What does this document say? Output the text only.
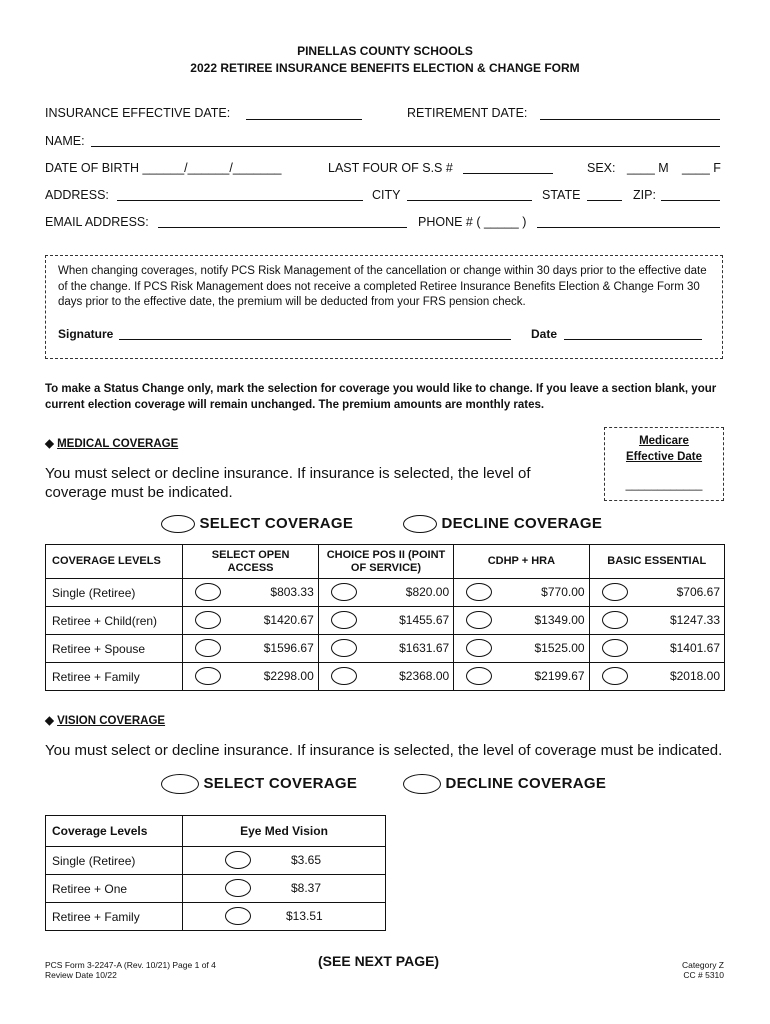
PINELLAS COUNTY SCHOOLS
2022 RETIREE INSURANCE BENEFITS ELECTION & CHANGE FORM
INSURANCE EFFECTIVE DATE:	RETIREMENT DATE:
NAME:
DATE OF BIRTH ______/______/_______	LAST FOUR OF S.S #	SEX: ____ M ____ F
ADDRESS:	CITY	STATE	ZIP:
EMAIL ADDRESS:	PHONE # ( _____ )
When changing coverages, notify PCS Risk Management of the cancellation or change within 30 days prior to the effective date of the change. If PCS Risk Management does not receive a completed Retiree Insurance Benefits Election & Change Form 30 days prior to the effective date, the premium will be deducted from your FRS pension check.
Signature	Date
To make a Status Change only, mark the selection for coverage you would like to change. If you leave a section blank, your current election coverage will remain unchanged. The premium amounts are monthly rates.
◆ MEDICAL COVERAGE
You must select or decline insurance. If insurance is selected, the level of coverage must be indicated.
Medicare
Effective Date
____________
SELECT COVERAGE	DECLINE COVERAGE
COVERAGE LEVELS	SELECT OPEN ACCESS	CHOICE POS II (POINT OF SERVICE)	CDHP + HRA	BASIC ESSENTIAL
Single (Retiree)	$803.33	$820.00	$770.00	$706.67

Retiree + Child(ren)	$1420.67	$1455.67	$1349.00	$1247.33

Retiree + Spouse	$1596.67	$1631.67	$1525.00	$1401.67

Retiree + Family	$2298.00	$2368.00	$2199.67	$2018.00
◆ VISION COVERAGE
You must select or decline insurance. If insurance is selected, the level of coverage must be indicated.
SELECT COVERAGE	DECLINE COVERAGE
Coverage Levels	Eye Med Vision
Single (Retiree)	$3.65

Retiree + One	$8.37

Retiree + Family	$13.51
PCS Form 3-2247-A (Rev. 10/21) Page 1 of 4
Review Date 10/22
(SEE NEXT PAGE)	Category Z
CC # 5310
